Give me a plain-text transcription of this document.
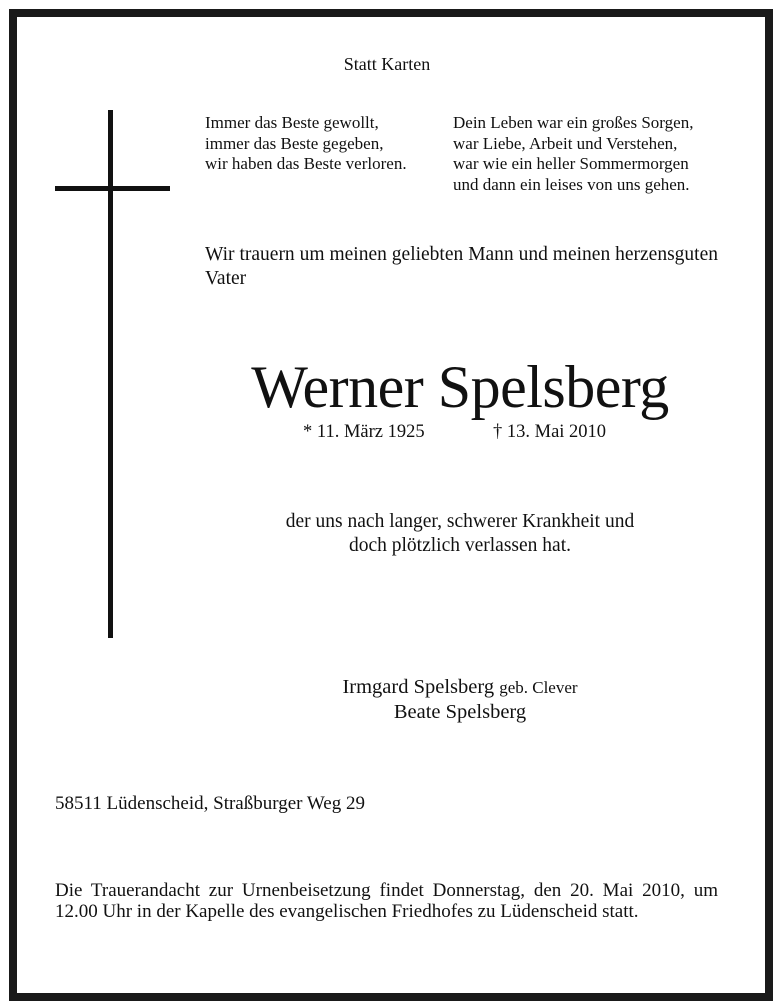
Statt Karten
Immer das Beste gewollt,
immer das Beste gegeben,
wir haben das Beste verloren.
Dein Leben war ein großes Sorgen,
war Liebe, Arbeit und Verstehen,
war wie ein heller Sommermorgen
und dann ein leises von uns gehen.
Wir trauern um meinen geliebten Mann und meinen herzensguten Vater
Werner Spelsberg
* 11. März 1925	† 13. Mai 2010
der uns nach langer, schwerer Krankheit und
doch plötzlich verlassen hat.
Irmgard Spelsberg geb. Clever
Beate Spelsberg
58511 Lüdenscheid, Straßburger Weg 29
Die Trauerandacht zur Urnenbeisetzung findet Donnerstag, den 20. Mai 2010, um 12.00 Uhr in der Kapelle des evangelischen Friedhofes zu Lüdenscheid statt.
